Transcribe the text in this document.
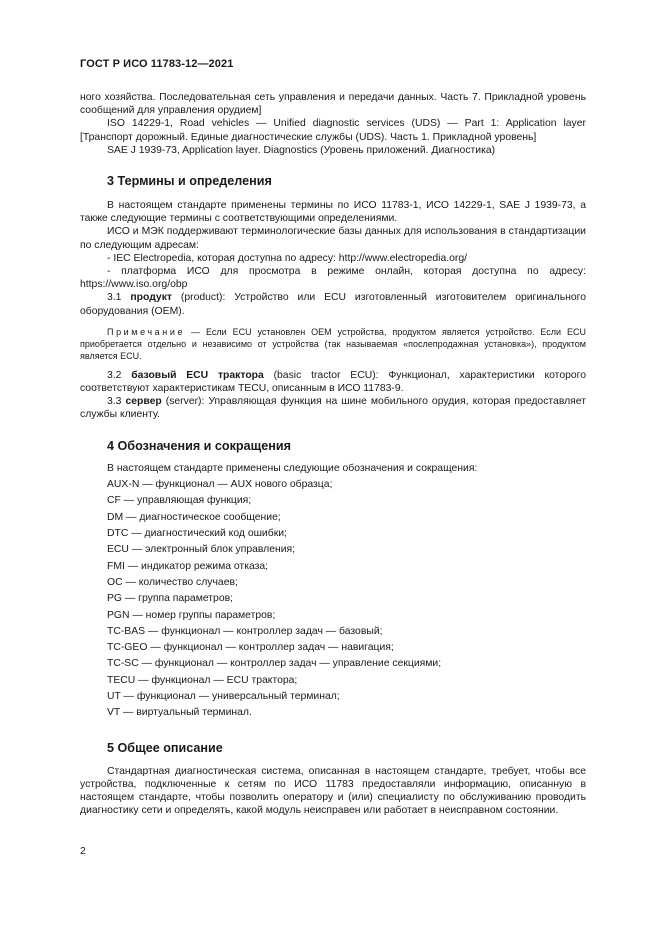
ГОСТ Р ИСО 11783-12—2021

ного хозяйства. Последовательная сеть управления и передачи данных. Часть 7. Прикладной уровень сообщений для управления орудием]

ISO 14229-1, Road vehicles — Unified diagnostic services (UDS) — Part 1: Application layer [Транспорт дорожный. Единые диагностические службы (UDS). Часть 1. Прикладной уровень]

SAE J 1939-73, Application layer. Diagnostics (Уровень приложений. Диагностика)

3 Термины и определения

В настоящем стандарте применены термины по ИСО 11783-1, ИСО 14229-1, SAE J 1939-73, а также следующие термины с соответствующими определениями.

ИСО и МЭК поддерживают терминологические базы данных для использования в стандартизации по следующим адресам:

- IEC Electropedia, которая доступна по адресу: http://www.electropedia.org/

- платформа ИСО для просмотра в режиме онлайн, которая доступна по адресу: https://www.iso.org/obp

3.1 продукт (product): Устройство или ECU изготовленный изготовителем оригинального оборудования (OEM).

Примечание — Если ECU установлен OEM устройства, продуктом является устройство. Если ECU приобретается отдельно и независимо от устройства (так называемая «послепродажная установка»), продуктом является ECU.

3.2 базовый ECU трактора (basic tractor ECU): Функционал, характеристики которого соответствуют характеристикам TECU, описанным в ИСО 11783-9.

3.3 сервер (server): Управляющая функция на шине мобильного орудия, которая предоставляет службы клиенту.

4 Обозначения и сокращения

В настоящем стандарте применены следующие обозначения и сокращения:

AUX-N — функционал — AUX нового образца;

CF — управляющая функция;

DM — диагностическое сообщение;

DTC — диагностический код ошибки;

ECU — электронный блок управления;

FMI — индикатор режима отказа;

OC — количество случаев;

PG — группа параметров;

PGN — номер группы параметров;

TC-BAS — функционал — контроллер задач — базовый;

TC-GEO — функционал — контроллер задач — навигация;

TC-SC — функционал — контроллер задач — управление секциями;

TECU — функционал — ECU трактора;

UT — функционал — универсальный терминал;

VT — виртуальный терминал.

5 Общее описание

Стандартная диагностическая система, описанная в настоящем стандарте, требует, чтобы все устройства, подключенные к сетям по ИСО 11783 предоставляли информацию, описанную в настоящем стандарте, чтобы позволить оператору и (или) специалисту по обслуживанию проводить диагностику сети и определять, какой модуль неисправен или работает в неисправном состоянии.

2
